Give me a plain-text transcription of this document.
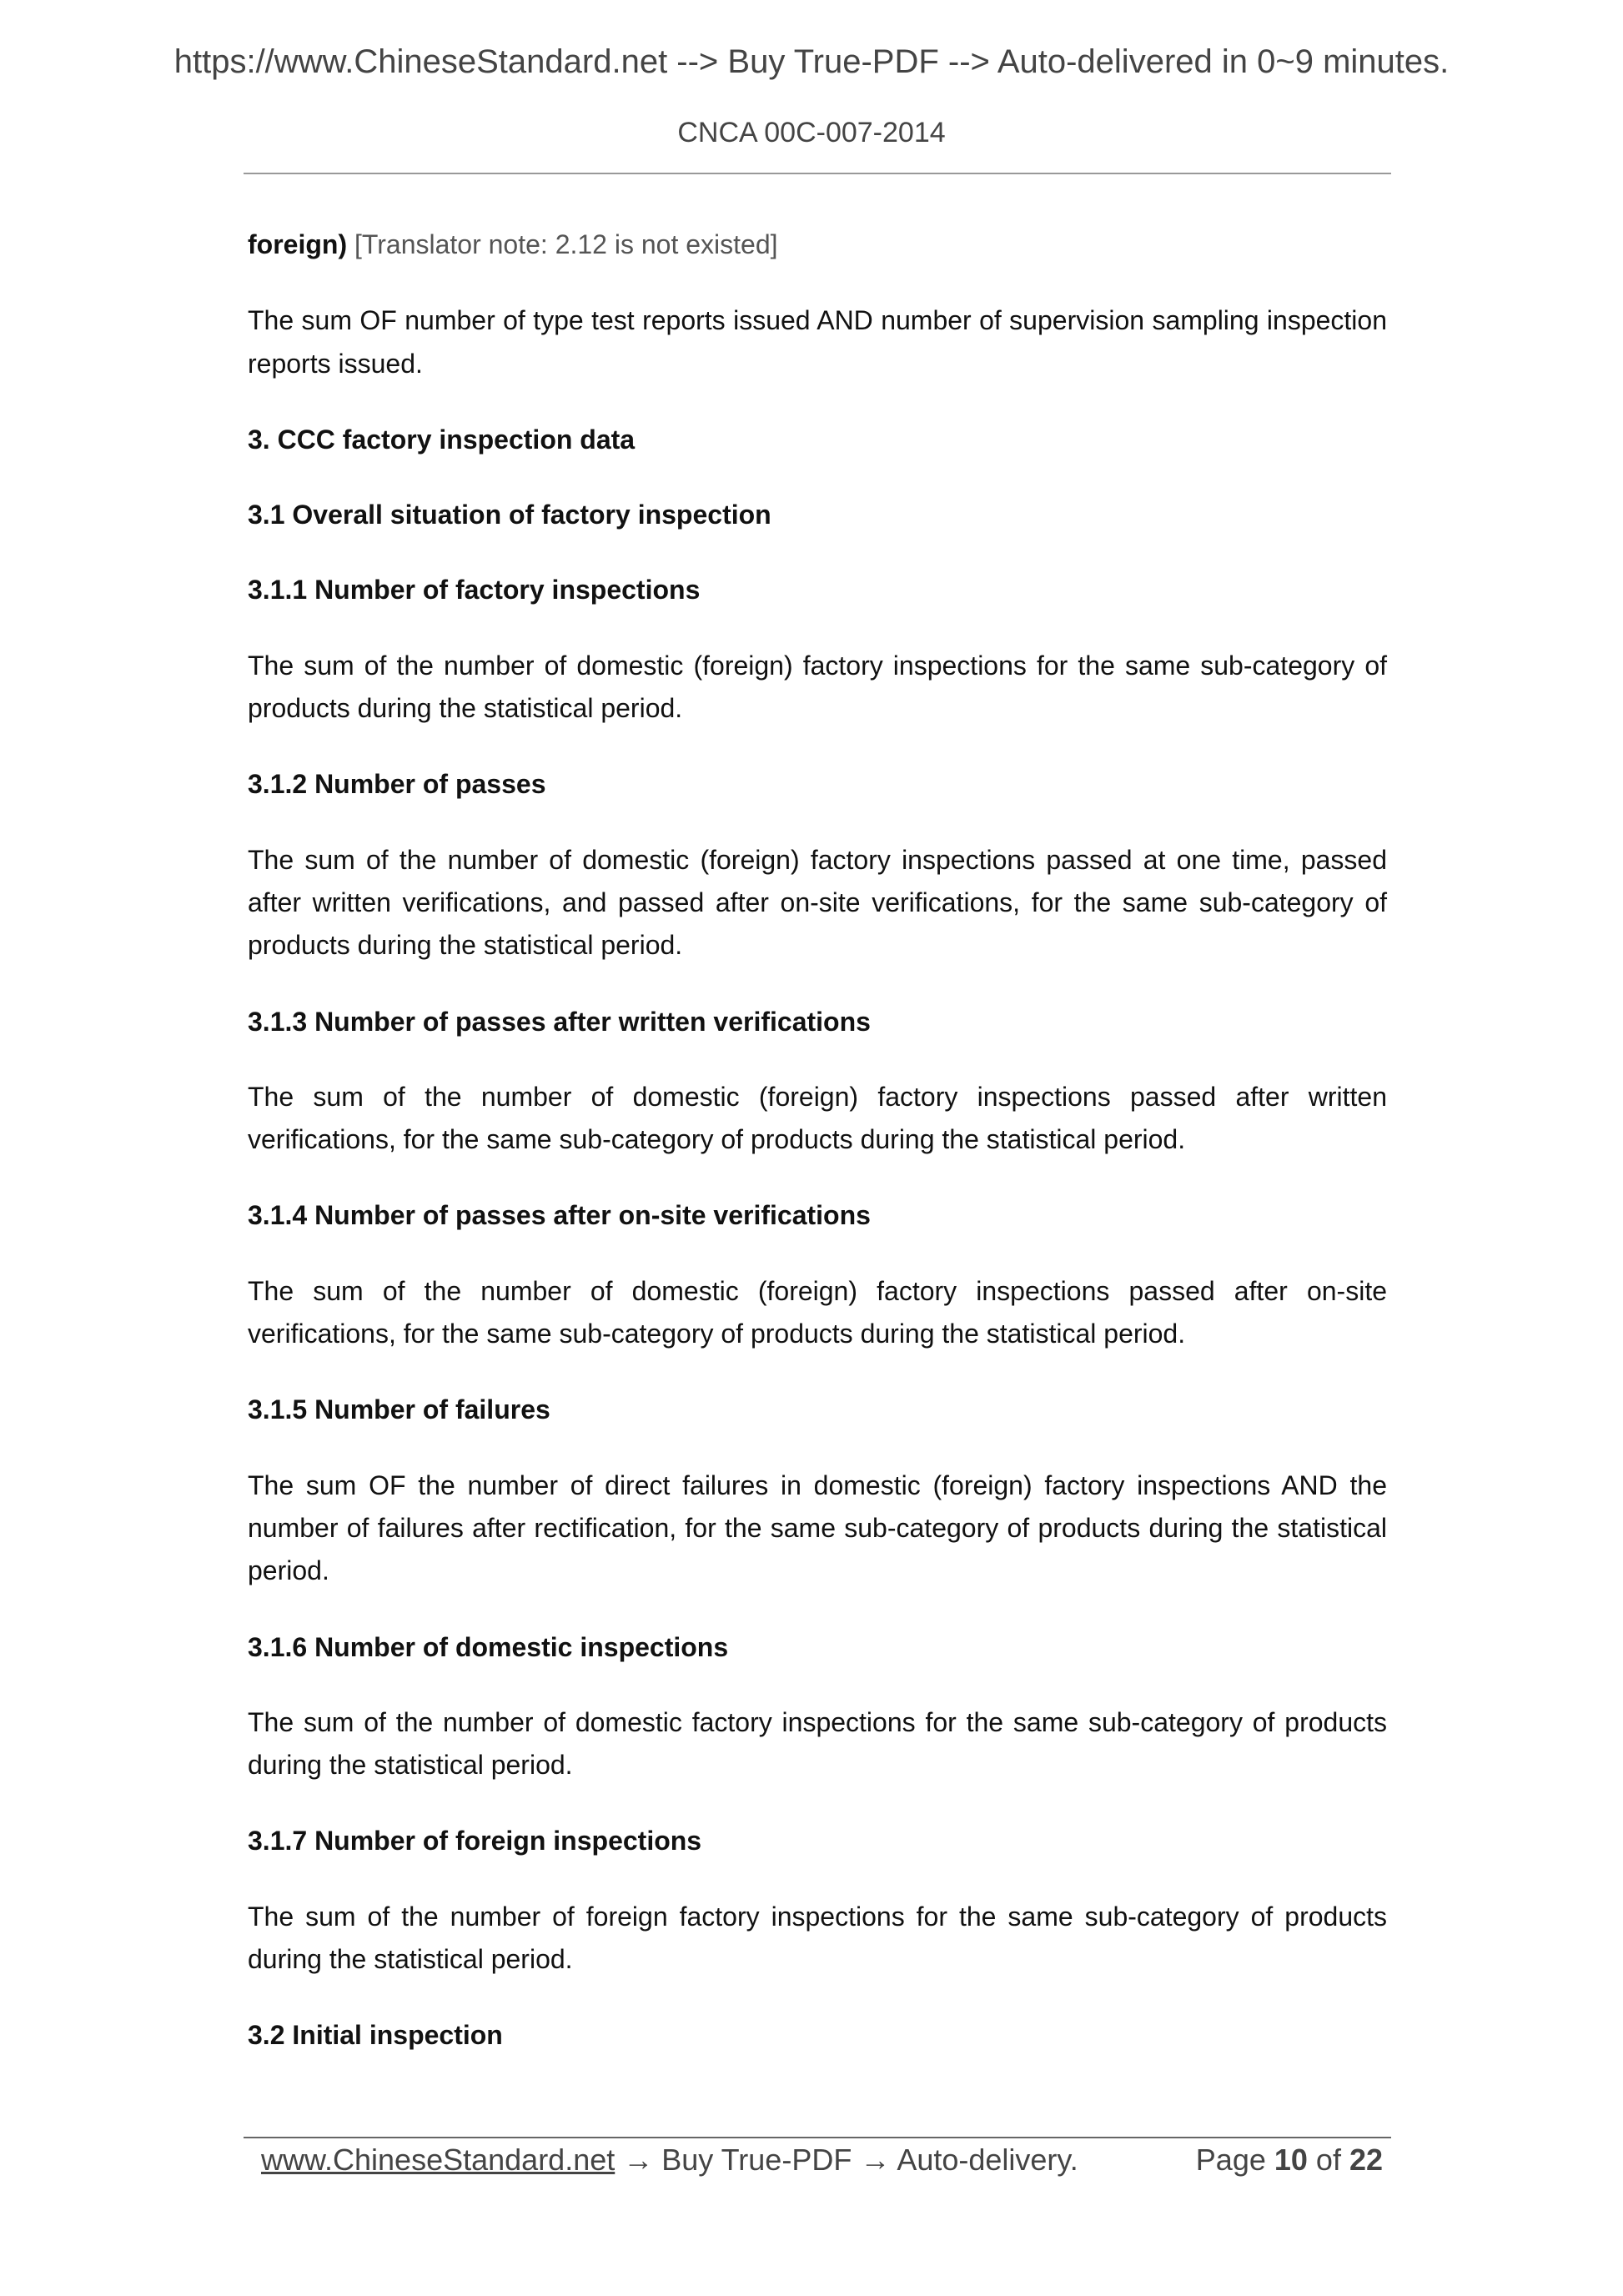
https://www.ChineseStandard.net --> Buy True-PDF --> Auto-delivered in 0~9 minutes.
CNCA 00C-007-2014

foreign) [Translator note: 2.12 is not existed]

The sum OF number of type test reports issued AND number of supervision sampling inspection reports issued.

3. CCC factory inspection data
3.1 Overall situation of factory inspection
3.1.1 Number of factory inspections

The sum of the number of domestic (foreign) factory inspections for the same sub-category of products during the statistical period.

3.1.2 Number of passes

The sum of the number of domestic (foreign) factory inspections passed at one time, passed after written verifications, and passed after on-site verifications, for the same sub-category of products during the statistical period.

3.1.3 Number of passes after written verifications

The sum of the number of domestic (foreign) factory inspections passed after written verifications, for the same sub-category of products during the statistical period.

3.1.4 Number of passes after on-site verifications

The sum of the number of domestic (foreign) factory inspections passed after on-site verifications, for the same sub-category of products during the statistical period.

3.1.5 Number of failures

The sum OF the number of direct failures in domestic (foreign) factory inspections AND the number of failures after rectification, for the same sub-category of products during the statistical period.

3.1.6 Number of domestic inspections

The sum of the number of domestic factory inspections for the same sub-category of products during the statistical period.

3.1.7 Number of foreign inspections

The sum of the number of foreign factory inspections for the same sub-category of products during the statistical period.

3.2 Initial inspection
www.ChineseStandard.net → Buy True-PDF → Auto-delivery.	Page 10 of 22
